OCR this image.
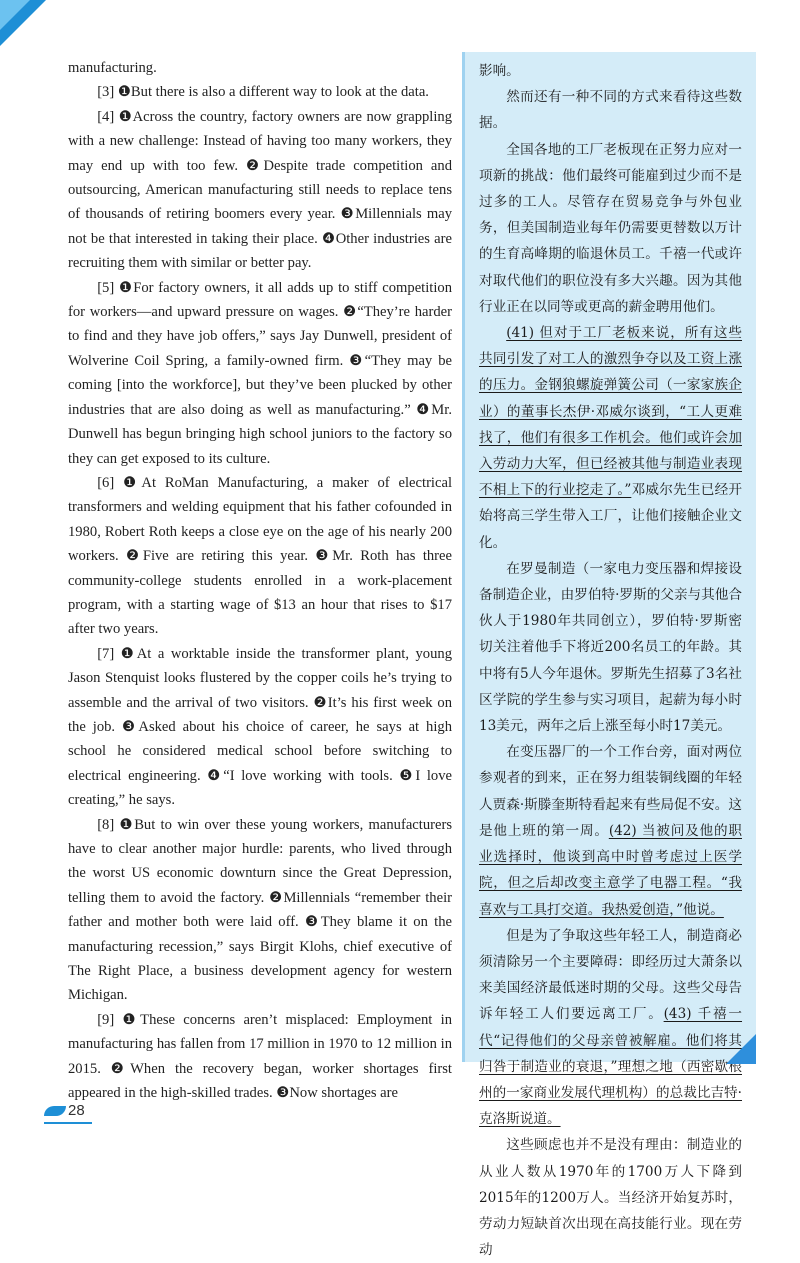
manufacturing.

[3] ❶But there is also a different way to look at the data.

[4] ❶Across the country, factory owners are now grappling with a new challenge: Instead of having too many workers, they may end up with too few. ❷Despite trade competition and outsourcing, American manufacturing still needs to replace tens of thousands of retiring boomers every year. ❸Millennials may not be that interested in taking their place. ❹Other industries are recruiting them with similar or better pay.

[5] ❶For factory owners, it all adds up to stiff competition for workers—and upward pressure on wages. ❷“They’re harder to find and they have job offers,” says Jay Dunwell, president of Wolverine Coil Spring, a family-owned firm. ❸“They may be coming [into the workforce], but they’ve been plucked by other industries that are also doing as well as manufacturing.” ❹Mr. Dunwell has begun bringing high school juniors to the factory so they can get exposed to its culture.

[6] ❶At RoMan Manufacturing, a maker of electrical transformers and welding equipment that his father cofounded in 1980, Robert Roth keeps a close eye on the age of his nearly 200 workers. ❷Five are retiring this year. ❸Mr. Roth has three community-college students enrolled in a work-placement program, with a starting wage of $13 an hour that rises to $17 after two years.

[7] ❶At a worktable inside the transformer plant, young Jason Stenquist looks flustered by the copper coils he’s trying to assemble and the arrival of two visitors. ❷It’s his first week on the job. ❸Asked about his choice of career, he says at high school he considered medical school before switching to electrical engineering. ❹“I love working with tools. ❺I love creating,” he says.

[8] ❶But to win over these young workers, manufacturers have to clear another major hurdle: parents, who lived through the worst US economic downturn since the Great Depression, telling them to avoid the factory. ❷Millennials “remember their father and mother both were laid off. ❸They blame it on the manufacturing recession,” says Birgit Klohs, chief executive of The Right Place, a business development agency for western Michigan.

[9] ❶These concerns aren’t misplaced: Employment in manufacturing has fallen from 17 million in 1970 to 12 million in 2015. ❷When the recovery began, worker shortages first appeared in the high-skilled trades. ❸Now shortages are

影响。

然而还有一种不同的方式来看待这些数据。

全国各地的工厂老板现在正努力应对一项新的挑战：他们最终可能雇到过少而不是过多的工人。尽管存在贸易竞争与外包业务，但美国制造业每年仍需要更替数以万计的生育高峰期的临退休员工。千禧一代或许对取代他们的职位没有多大兴趣。因为其他行业正在以同等或更高的薪金聘用他们。

(41) 但对于工厂老板来说，所有这些共同引发了对工人的激烈争夺以及工资上涨的压力。金钢狼螺旋弹簧公司（一家家族企业）的董事长杰伊·邓威尔谈到，“工人更难找了，他们有很多工作机会。他们或许会加入劳动力大军，但已经被其他与制造业表现不相上下的行业挖走了。”邓威尔先生已经开始将高三学生带入工厂，让他们接触企业文化。

在罗曼制造（一家电力变压器和焊接设备制造企业，由罗伯特·罗斯的父亲与其他合伙人于1980年共同创立），罗伯特·罗斯密切关注着他手下将近200名员工的年龄。其中将有5人今年退休。罗斯先生招募了3名社区学院的学生参与实习项目，起薪为每小时13美元，两年之后上涨至每小时17美元。

在变压器厂的一个工作台旁，面对两位参观者的到来，正在努力组装铜线圈的年轻人贾森·斯滕奎斯特看起来有些局促不安。这是他上班的第一周。(42) 当被问及他的职业选择时，他谈到高中时曾考虑过上医学院，但之后却改变主意学了电器工程。“我喜欢与工具打交道。我热爱创造，”他说。

但是为了争取这些年轻工人，制造商必须清除另一个主要障碍：即经历过大萧条以来美国经济最低迷时期的父母。这些父母告诉年轻工人们要远离工厂。(43) 千禧一代“记得他们的父母亲曾被解雇。他们将其归咎于制造业的衰退，”理想之地（西密歇根州的一家商业发展代理机构）的总裁比吉特·克洛斯说道。

这些顾虑也并不是没有理由：制造业的从业人数从1970年的1700万人下降到2015年的1200万人。当经济开始复苏时，劳动力短缺首次出现在高技能行业。现在劳动

28
